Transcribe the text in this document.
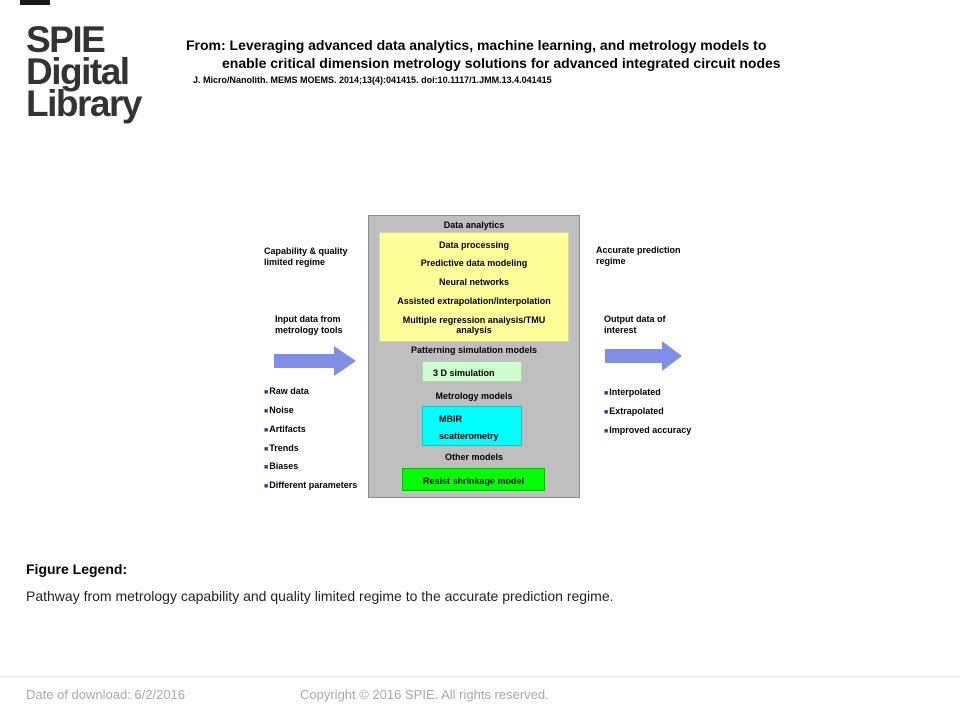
SPIE
Digital
Library
From: Leveraging advanced data analytics, machine learning, and metrology models to
enable critical dimension metrology solutions for advanced integrated circuit nodes
J. Micro/Nanolith. MEMS MOEMS. 2014;13(4):041415. doi:10.1117/1.JMM.13.4.041415
Capability & quality
limited regime
Input data from
metrology tools
■Raw data
■Noise
■Artifacts
■Trends
■Biases
■Different parameters
Data analytics
Data processing
Predictive data modeling
Neural networks
Assisted extrapolation/Interpolation
Multiple regression analysis/TMU
analysis
Patterning simulation models
3 D simulation
Metrology models
MBIR
scatterometry
Other models
Resist shrinkage model
Accurate prediction
regime
Output data of
interest
■Interpolated
■Extrapolated
■Improved accuracy
Figure Legend:
Pathway from metrology capability and quality limited regime to the accurate prediction regime.
Date of download: 6/2/2016	Copyright © 2016 SPIE. All rights reserved.
